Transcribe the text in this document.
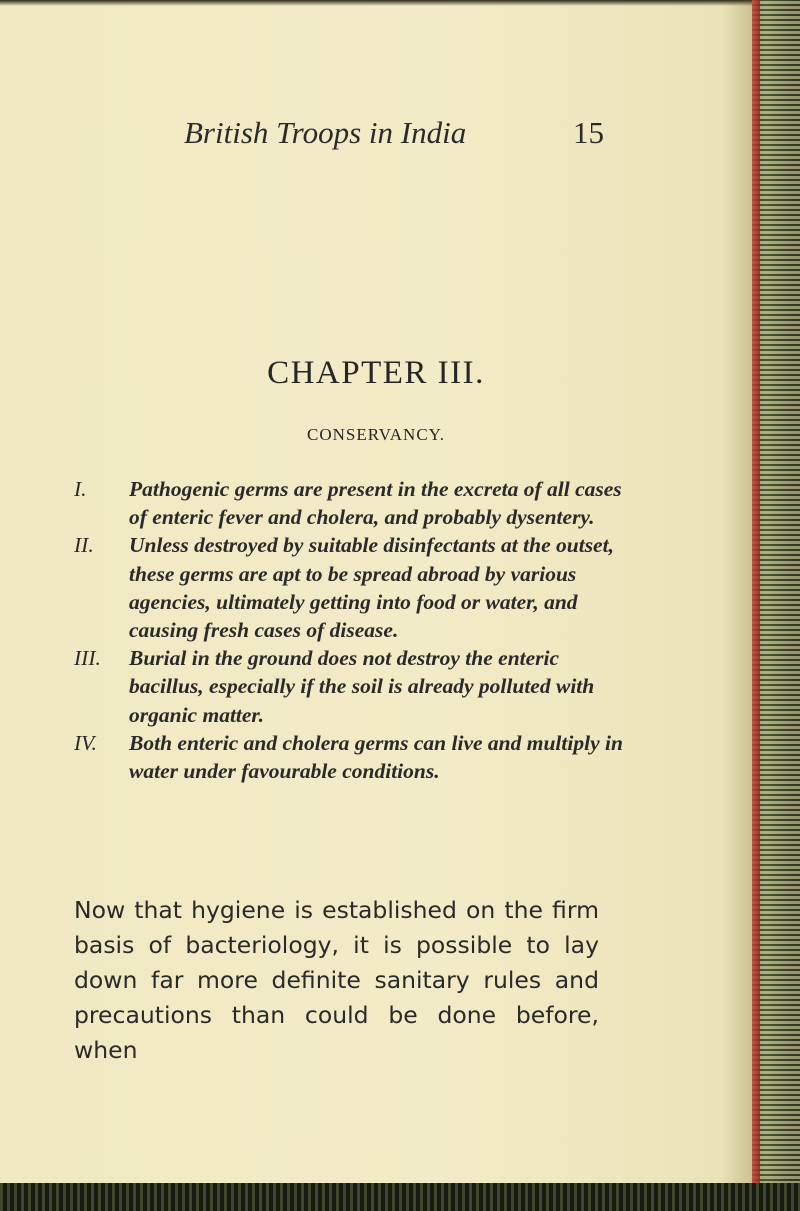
British Troops in India	15
CHAPTER III.
CONSERVANCY.
I. Pathogenic germs are present in the excreta of all cases of enteric fever and cholera, and probably dysentery.
II. Unless destroyed by suitable disinfectants at the outset, these germs are apt to be spread abroad by various agencies, ultimately getting into food or water, and causing fresh cases of disease.
III. Burial in the ground does not destroy the enteric bacillus, especially if the soil is already polluted with organic matter.
IV. Both enteric and cholera germs can live and multiply in water under favourable conditions.

Now that hygiene is established on the firm basis of bacteriology, it is possible to lay down far more definite sanitary rules and precautions than could be done before, when
